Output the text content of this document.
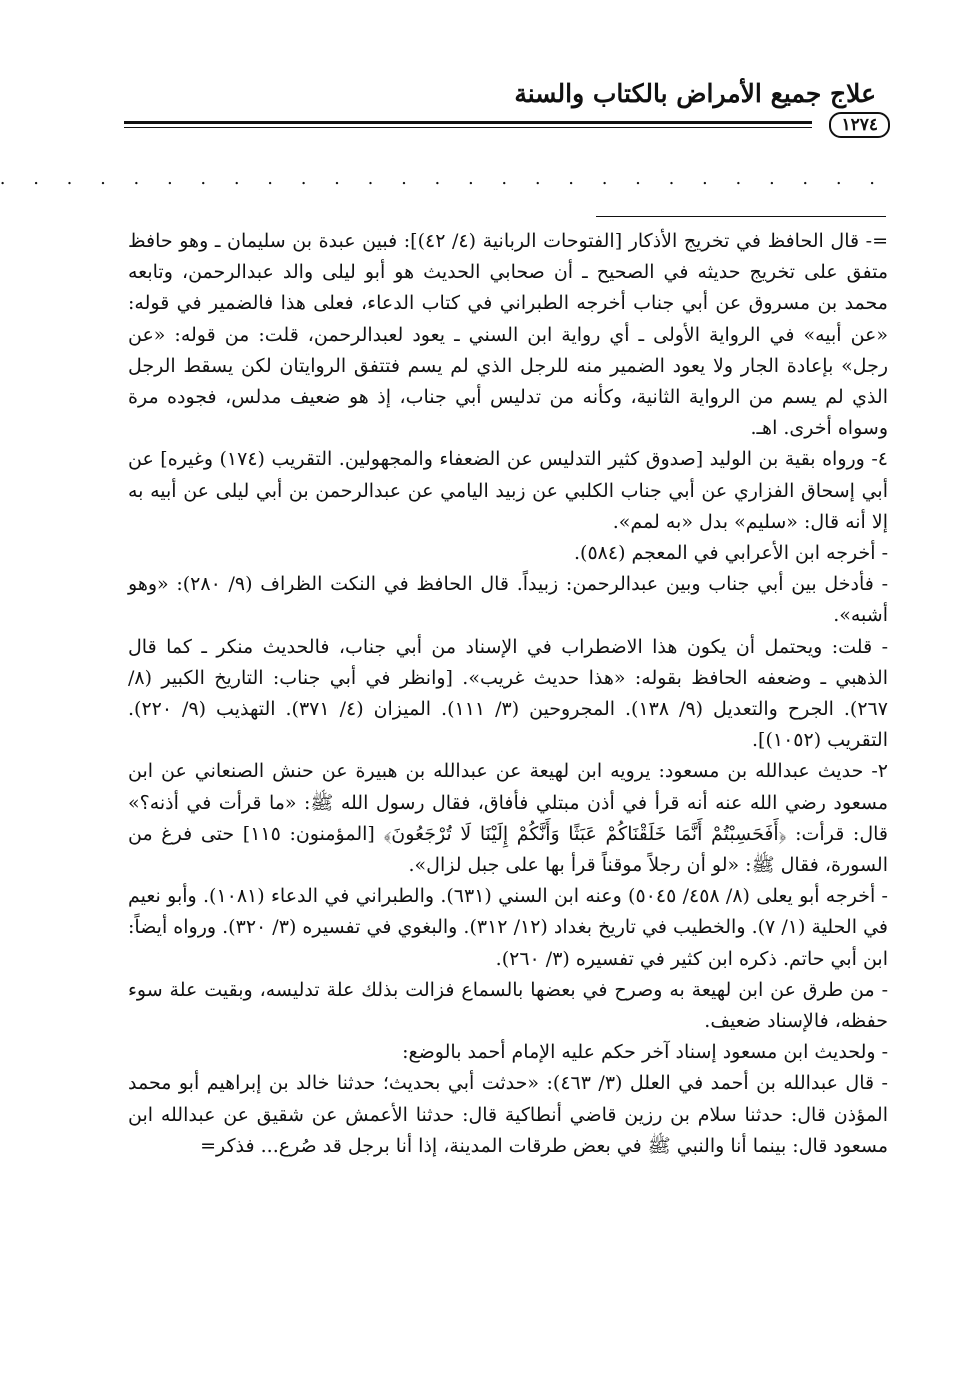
علاج جميع الأمراض بالكتاب والسنة
١٢٧٤
. . . . . . . . . . . . . . . . . . . . . . . . . . .

=- قال الحافظ في تخريج الأذكار [الفتوحات الربانية (٤/ ٤٢)]: فبين عبدة بن سليمان ـ وهو حافظ متفق على تخريج حديثه في الصحيح ـ أن صحابي الحديث هو أبو ليلى والد عبدالرحمن، وتابعه محمد بن مسروق عن أبي جناب أخرجه الطبراني في كتاب الدعاء، فعلى هذا فالضمير في قوله: «عن أبيه» في الرواية الأولى ـ أي رواية ابن السني ـ يعود لعبدالرحمن، قلت: من قوله: «عن رجل» بإعادة الجار ولا يعود الضمير منه للرجل الذي لم يسم فتتفق الروايتان لكن يسقط الرجل الذي لم يسم من الرواية الثانية، وكأنه من تدليس أبي جناب، إذ هو ضعيف مدلس، فجوده مرة وسواه أخرى. اهـ.

٤- ورواه بقية بن الوليد [صدوق كثير التدليس عن الضعفاء والمجهولين. التقريب (١٧٤) وغيره] عن أبي إسحاق الفزاري عن أبي جناب الكلبي عن زبيد اليامي عن عبدالرحمن بن أبي ليلى عن أبيه به إلا أنه قال: «سليم» بدل «به لمم».

- أخرجه ابن الأعرابي في المعجم (٥٨٤).

- فأدخل بين أبي جناب وبين عبدالرحمن: زبيداً. قال الحافظ في النكت الظراف (٩/ ٢٨٠): «وهو أشبه».

- قلت: ويحتمل أن يكون هذا الاضطراب في الإسناد من أبي جناب، فالحديث منكر ـ كما قال الذهبي ـ وضعفه الحافظ بقوله: «هذا حديث غريب». [وانظر في أبي جناب: التاريخ الكبير (٨/ ٢٦٧). الجرح والتعديل (٩/ ١٣٨). المجروحين (٣/ ١١١). الميزان (٤/ ٣٧١). التهذيب (٩/ ٢٢٠). التقريب (١٠٥٢)].

٢- حديث عبدالله بن مسعود: يرويه ابن لهيعة عن عبدالله بن هبيرة عن حنش الصنعاني عن ابن مسعود رضي الله عنه أنه قرأ في أذن مبتلي فأفاق، فقال رسول الله ﷺ: «ما قرأت في أذنه؟» قال: قرأت: ﴿أَفَحَسِبْتُمْ أَنَّمَا خَلَقْنَاكُمْ عَبَثًا وَأَنَّكُمْ إِلَيْنَا لَا تُرْجَعُونَ﴾ [المؤمنون: ١١٥] حتى فرغ من السورة، فقال ﷺ: «لو أن رجلاً موقناً قرأ بها على جبل لزال».

- أخرجه أبو يعلى (٨/ ٤٥٨/ ٥٠٤٥) وعنه ابن السني (٦٣١). والطبراني في الدعاء (١٠٨١). وأبو نعيم في الحلية (١/ ٧). والخطيب في تاريخ بغداد (١٢/ ٣١٢). والبغوي في تفسيره (٣/ ٣٢٠). ورواه أيضاً: ابن أبي حاتم. ذكره ابن كثير في تفسيره (٣/ ٢٦٠).

- من طرق عن ابن لهيعة به وصرح في بعضها بالسماع فزالت بذلك علة تدليسه، وبقيت علة سوء حفظه، فالإسناد ضعيف.

- ولحديث ابن مسعود إسناد آخر حكم عليه الإمام أحمد بالوضع:

- قال عبدالله بن أحمد في العلل (٣/ ٤٦٣): «حدثت أبي بحديث؛ حدثنا خالد بن إبراهيم أبو محمد المؤذن قال: حدثنا سلام بن رزين قاضي أنطاكية قال: حدثنا الأعمش عن شقيق عن عبدالله ابن مسعود قال: بينما أنا والنبي ﷺ في بعض طرقات المدينة، إذا أنا برجل قد صُرع... فذكر=
